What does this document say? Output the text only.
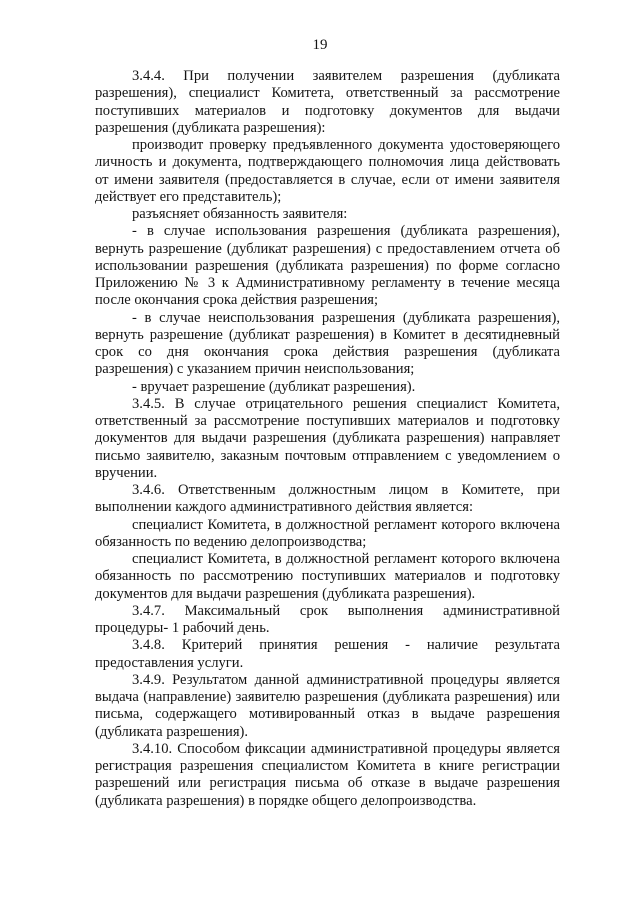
19

3.4.4. При получении заявителем разрешения (дубликата разрешения), специалист Комитета, ответственный за рассмотрение поступивших материалов и подготовку документов для выдачи разрешения (дубликата разрешения):

производит проверку предъявленного документа удостоверяющего личность и документа, подтверждающего полномочия лица действовать от имени заявителя (предоставляется в случае, если от имени заявителя действует его представитель);

разъясняет обязанность заявителя:

- в случае использования разрешения (дубликата разрешения), вернуть разрешение (дубликат разрешения) с предоставлением отчета об использовании разрешения (дубликата разрешения) по форме согласно Приложению № 3 к Административному регламенту в течение месяца после окончания срока действия разрешения;

- в случае неиспользования разрешения (дубликата разрешения), вернуть разрешение (дубликат разрешения) в Комитет в десятидневный срок со дня окончания срока действия разрешения (дубликата разрешения) с указанием причин неиспользования;

- вручает разрешение (дубликат разрешения).

3.4.5. В случае отрицательного решения специалист Комитета, ответственный за рассмотрение поступивших материалов и подготовку документов для выдачи разрешения (дубликата разрешения) направляет письмо заявителю, заказным почтовым отправлением с уведомлением о вручении.

3.4.6. Ответственным должностным лицом в Комитете, при выполнении каждого административного действия является:

специалист Комитета, в должностной регламент которого включена обязанность по ведению делопроизводства;

специалист Комитета, в должностной регламент которого включена обязанность по рассмотрению поступивших материалов и подготовку документов для выдачи разрешения (дубликата разрешения).

3.4.7. Максимальный срок выполнения административной процедуры- 1 рабочий день.

3.4.8. Критерий принятия решения - наличие результата предоставления услуги.

3.4.9. Результатом данной административной процедуры является выдача (направление) заявителю разрешения (дубликата разрешения) или письма, содержащего мотивированный отказ в выдаче разрешения (дубликата разрешения).

3.4.10. Способом фиксации административной процедуры является регистрация разрешения специалистом Комитета в книге регистрации разрешений или регистрация письма об отказе в выдаче разрешения (дубликата разрешения) в порядке общего делопроизводства.
